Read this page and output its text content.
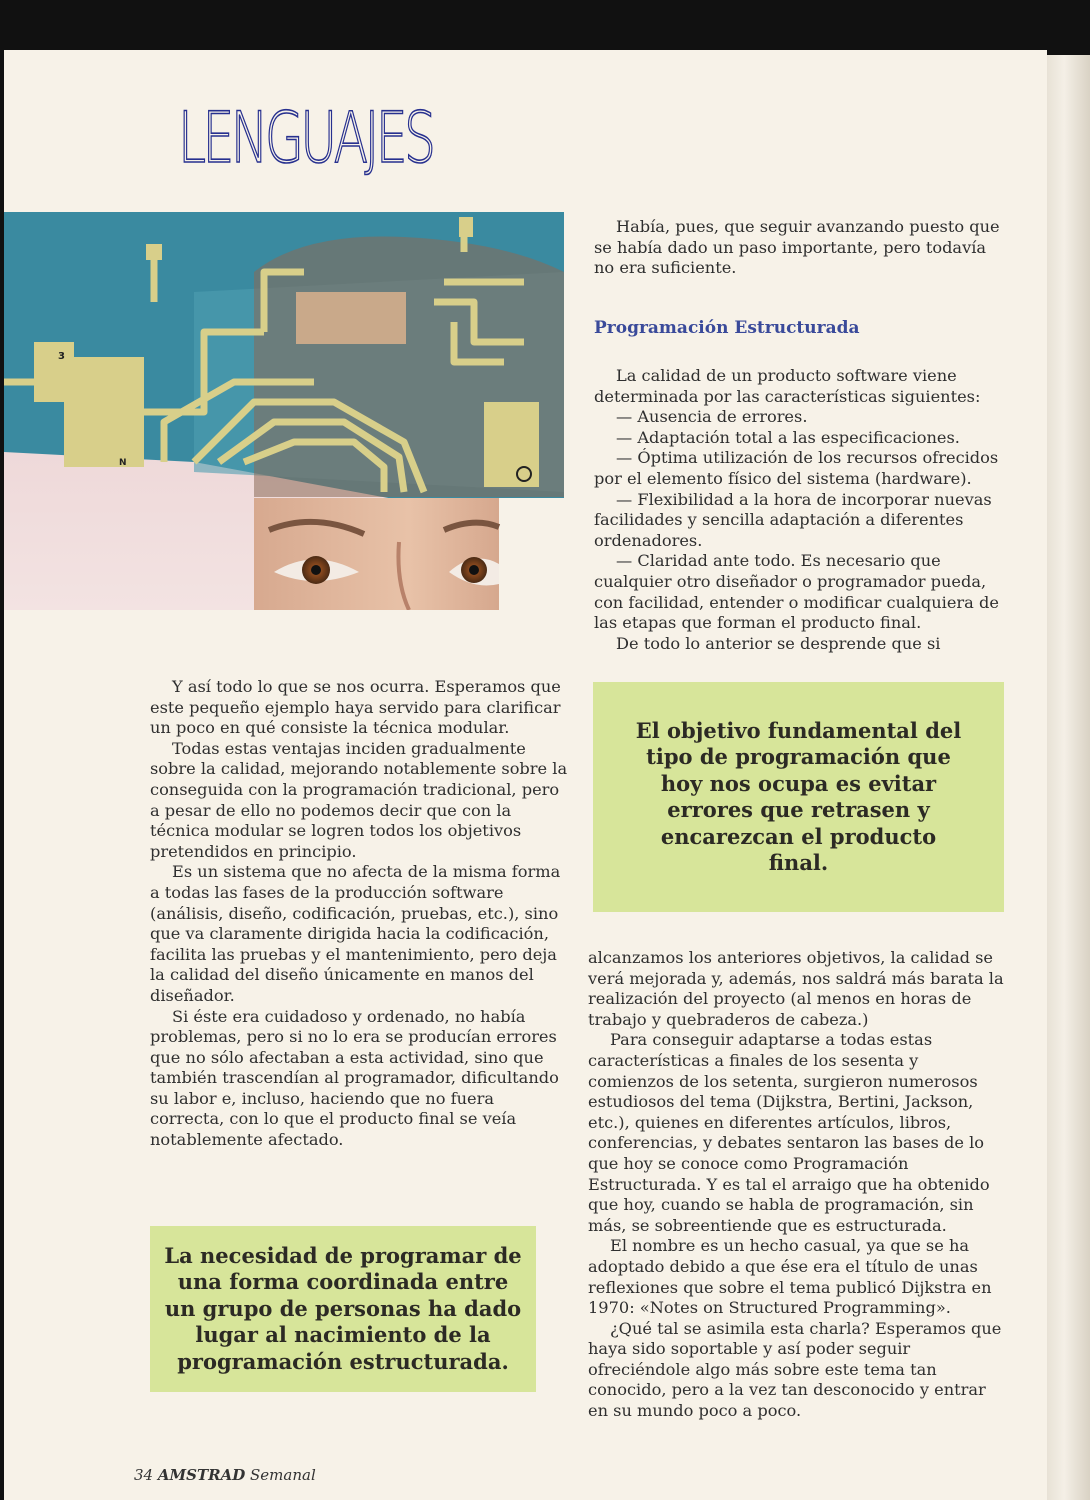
LENGUAJES
3
N

Había, pues, que seguir avanzando puesto que se había dado un paso importante, pero todavía no era suficiente.

Programación Estructurada

La calidad de un producto software viene determinada por las características siguientes:

— Ausencia de errores.

— Adaptación total a las especificaciones.

— Óptima utilización de los recursos ofrecidos por el elemento físico del sistema (hardware).

— Flexibilidad a la hora de incorporar nuevas facilidades y sencilla adaptación a diferentes ordenadores.

— Claridad ante todo. Es necesario que cualquier otro diseñador o programador pueda, con facilidad, entender o modificar cualquiera de las etapas que forman el producto final.

De todo lo anterior se desprende que si

El objetivo fundamental del tipo de programación que hoy nos ocupa es evitar errores que retrasen y encarezcan el producto final.

alcanzamos los anteriores objetivos, la calidad se verá mejorada y, además, nos saldrá más barata la realización del proyecto (al menos en horas de trabajo y quebraderos de cabeza.)

Para conseguir adaptarse a todas estas características a finales de los sesenta y comienzos de los setenta, surgieron numerosos estudiosos del tema (Dijkstra, Bertini, Jackson, etc.), quienes en diferentes artículos, libros, conferencias, y debates sentaron las bases de lo que hoy se conoce como Programación Estructurada. Y es tal el arraigo que ha obtenido que hoy, cuando se habla de programación, sin más, se sobreentiende que es estructurada.

El nombre es un hecho casual, ya que se ha adoptado debido a que ése era el título de unas reflexiones que sobre el tema publicó Dijkstra en 1970: «Notes on Structured Programming».

¿Qué tal se asimila esta charla? Esperamos que haya sido soportable y así poder seguir ofreciéndole algo más sobre este tema tan conocido, pero a la vez tan desconocido y entrar en su mundo poco a poco.

Y así todo lo que se nos ocurra. Esperamos que este pequeño ejemplo haya servido para clarificar un poco en qué consiste la técnica modular.

Todas estas ventajas inciden gradualmente sobre la calidad, mejorando notablemente sobre la conseguida con la programación tradicional, pero a pesar de ello no podemos decir que con la técnica modular se logren todos los objetivos pretendidos en principio.

Es un sistema que no afecta de la misma forma a todas las fases de la producción software (análisis, diseño, codificación, pruebas, etc.), sino que va claramente dirigida hacia la codificación, facilita las pruebas y el mantenimiento, pero deja la calidad del diseño únicamente en manos del diseñador.

Si éste era cuidadoso y ordenado, no había problemas, pero si no lo era se producían errores que no sólo afectaban a esta actividad, sino que también trascendían al programador, dificultando su labor e, incluso, haciendo que no fuera correcta, con lo que el producto final se veía notablemente afectado.

La necesidad de programar de una forma coordinada entre un grupo de personas ha dado lugar al nacimiento de la programación estructurada.
34 AMSTRAD Semanal
